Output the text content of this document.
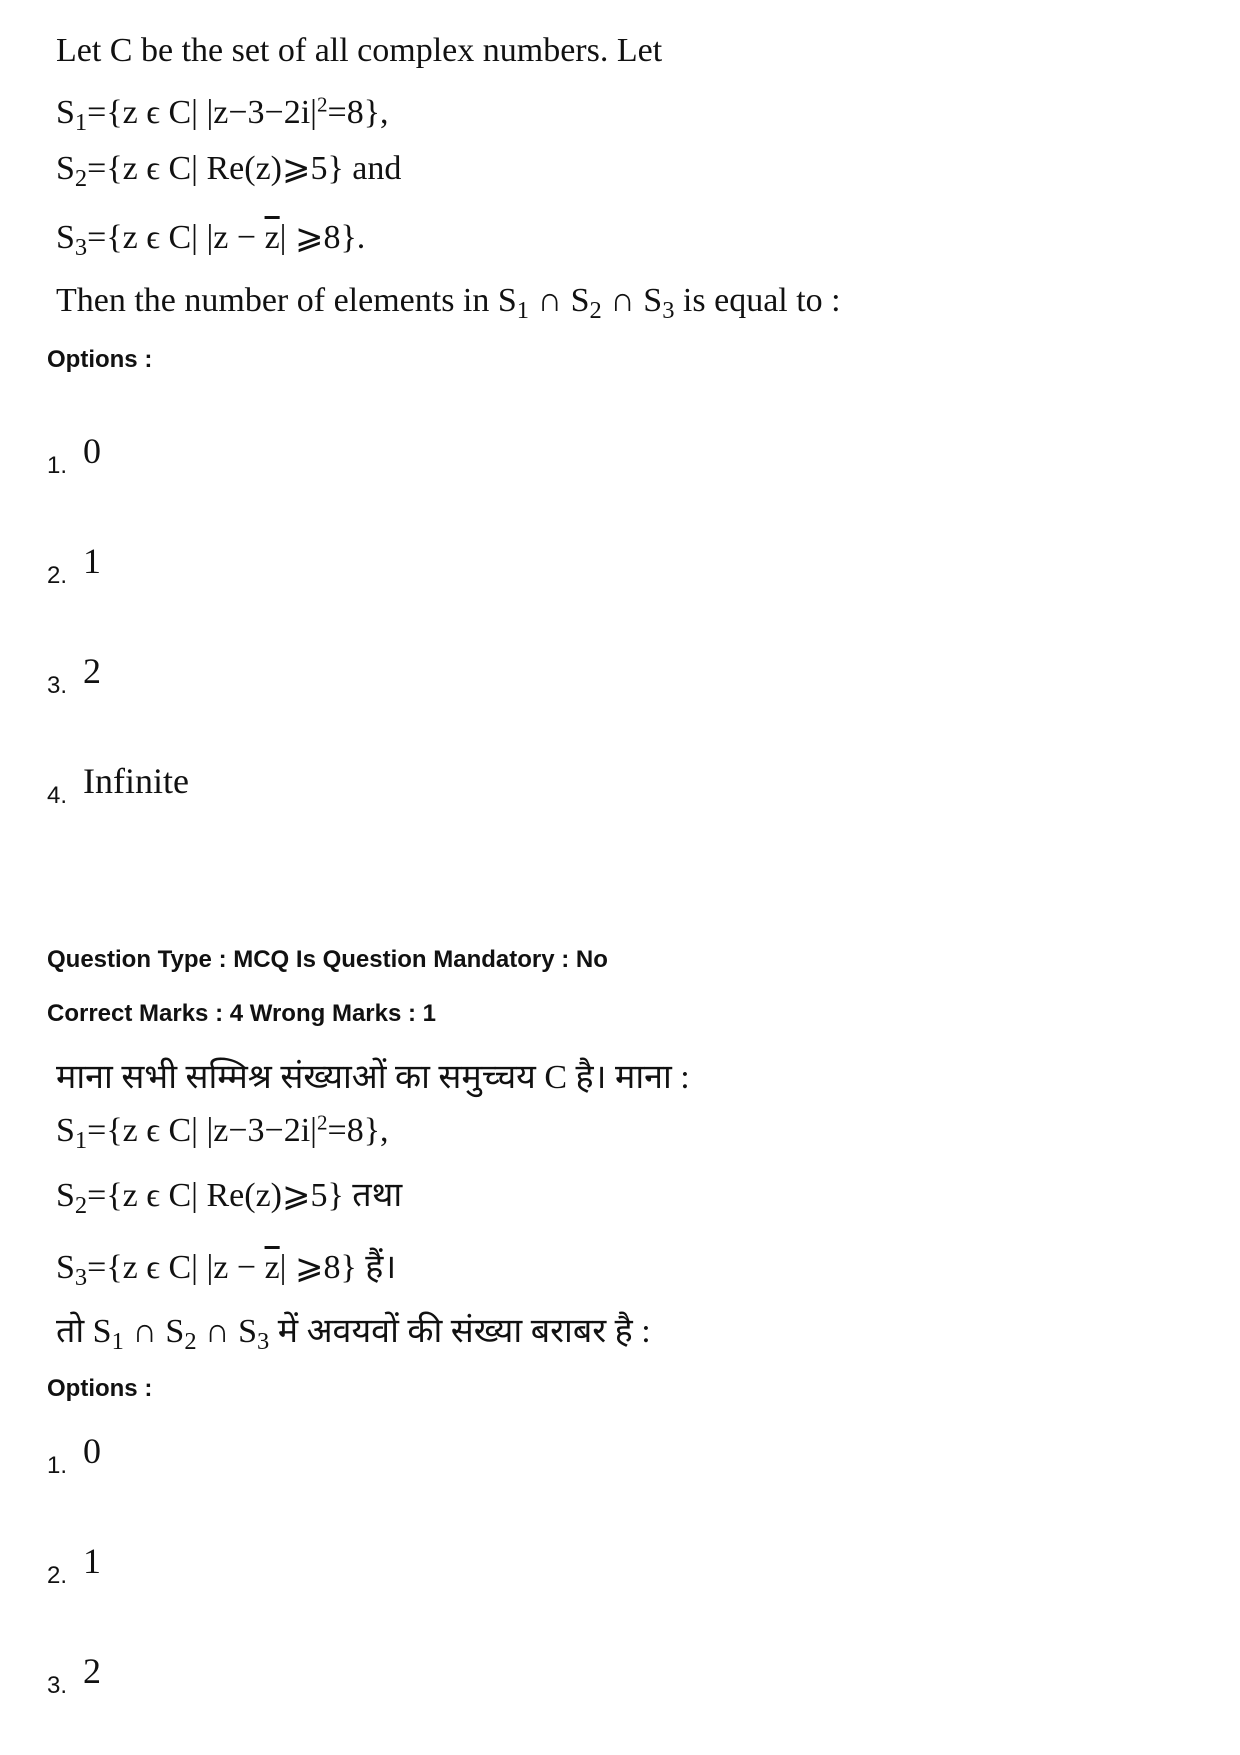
Let C be the set of all complex numbers. Let
$S_1=\{z$ ϵ C| $|z-3-2i|^2=8$},
$S_2=\{z$ ϵ C| Re(z)⩾5} and
$S_3=\{z$ ϵ C| $|z - \overline{z}|$ ⩾8}.
Then the number of elements in $S_1$ ∩ $S_2$ ∩ $S_3$ is equal to :
Options :
1. 0
2. 1
3. 2
4. Infinite
Question Type : MCQ Is Question Mandatory : No
Correct Marks : 4 Wrong Marks : 1
माना सभी सम्मिश्र संख्याओं का समुच्चय C है। माना :
$S_1=\{z$ ϵ C| $|z-3-2i|^2=8$},
$S_2=\{z$ ϵ C| Re(z)⩾5} तथा
$S_3=\{z$ ϵ C| $|z - \overline{z}|$ ⩾8} हैं।
तो $S_1$ ∩ $S_2$ ∩ $S_3$ में अवयवों की संख्या बराबर है :
Options :
1. 0
2. 1
3. 2
